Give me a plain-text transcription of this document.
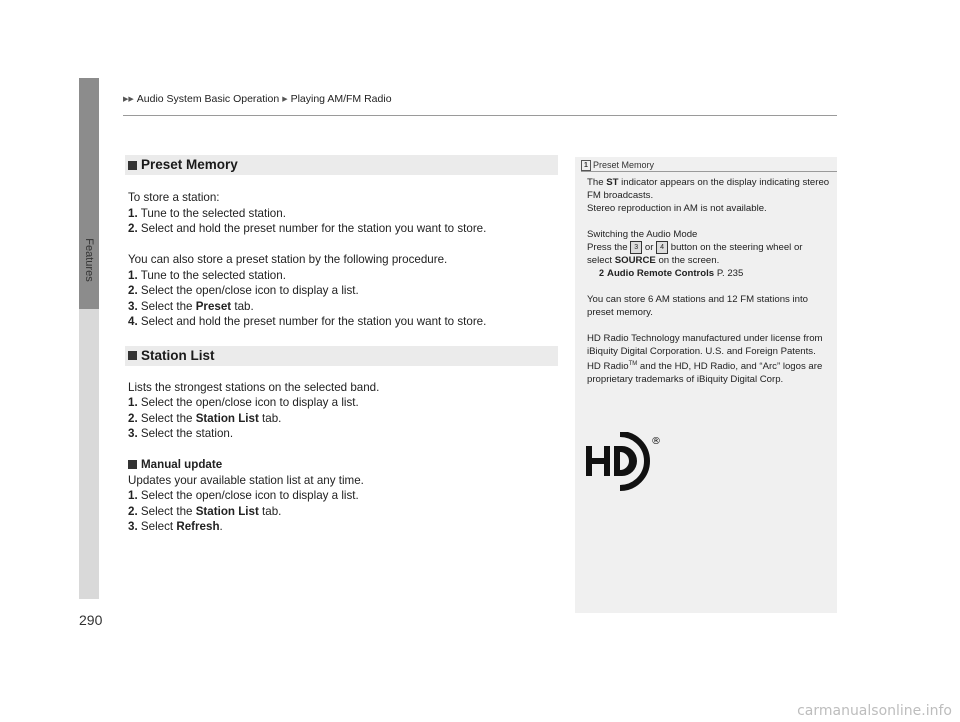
▶▶ Audio System Basic Operation ▶ Playing AM/FM Radio
Features
290
Preset Memory

To store a station:

1. Tune to the selected station.

2. Select and hold the preset number for the station you want to store.

You can also store a preset station by the following procedure.

1. Tune to the selected station.

2. Select the open/close icon to display a list.

3. Select the Preset tab.

4. Select and hold the preset number for the station you want to store.

Station List

Lists the strongest stations on the selected band.

1. Select the open/close icon to display a list.

2. Select the Station List tab.

3. Select the station.

Manual update

Updates your available station list at any time.

1. Select the open/close icon to display a list.

2. Select the Station List tab.

3. Select Refresh.

1 Preset Memory

The ST indicator appears on the display indicating stereo FM broadcasts.

Stereo reproduction in AM is not available.

Switching the Audio Mode

Press the 3 or 4 button on the steering wheel or

select SOURCE on the screen.

2 Audio Remote Controls P. 235

You can store 6 AM stations and 12 FM stations into preset memory.

HD Radio Technology manufactured under license from iBiquity Digital Corporation. U.S. and Foreign Patents. HD Radio™ and the HD, HD Radio, and “Arc” logos are proprietary trademarks of iBiquity Digital Corp.

®
carmanualsonline.info
